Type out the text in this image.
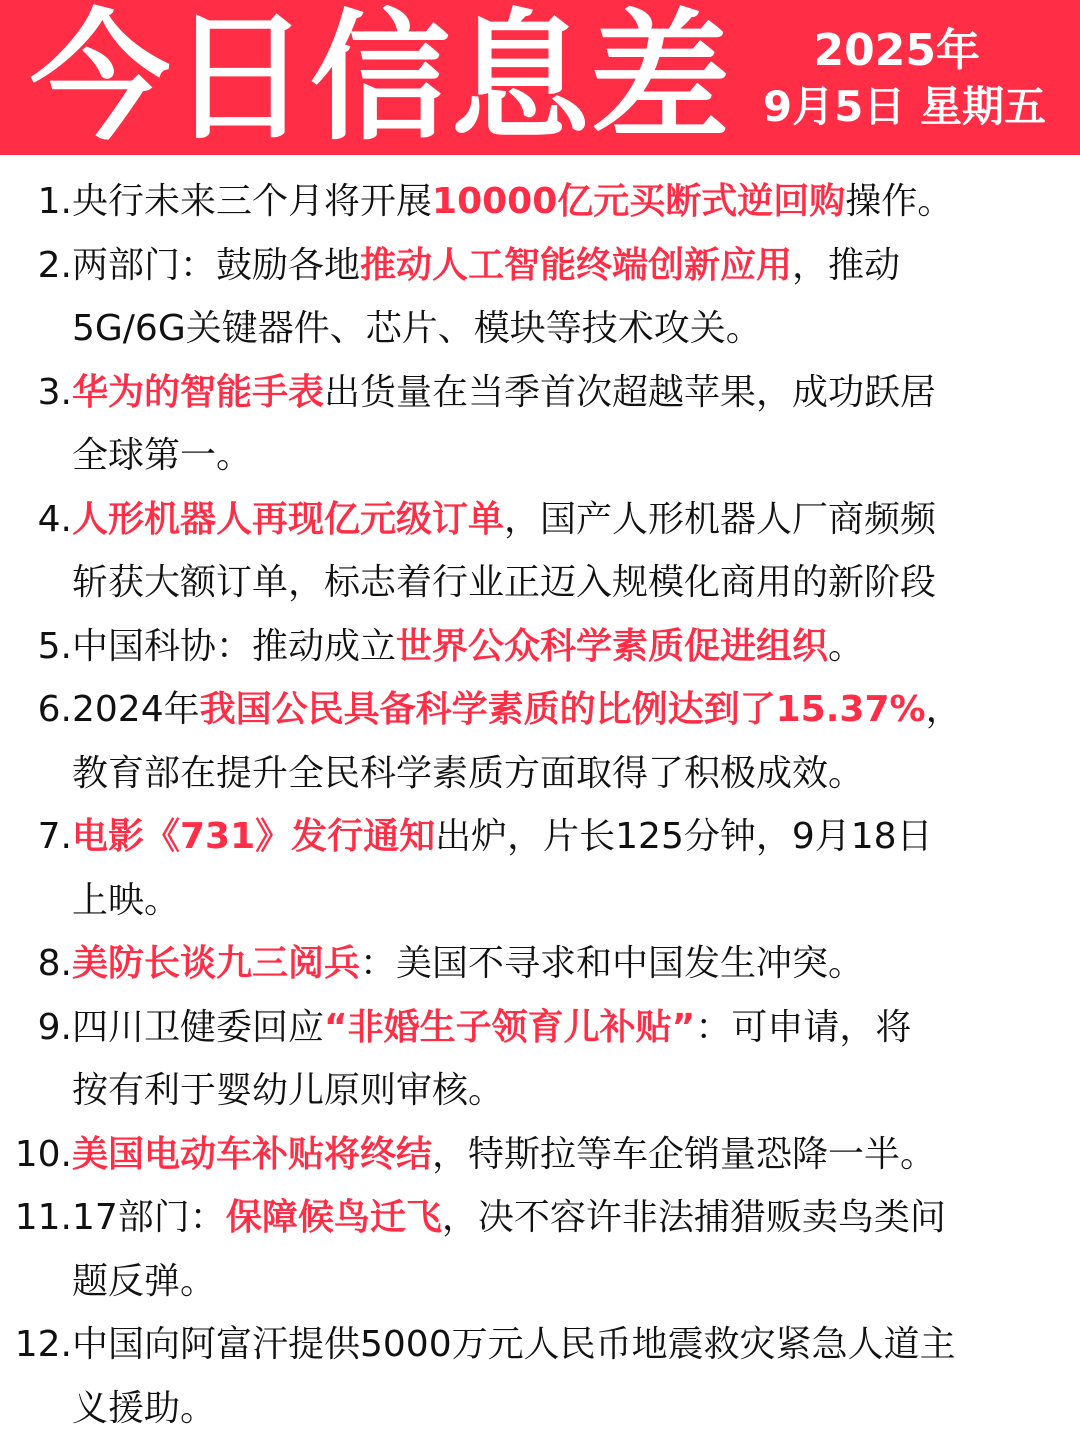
今日信息差	2025年
9月5日 星期五
1. 央行未来三个月将开展10000亿元买断式逆回购操作。
2. 两部门：鼓励各地推动人工智能终端创新应用，推动
5G/6G关键器件、芯片、模块等技术攻关。
3. 华为的智能手表出货量在当季首次超越苹果，成功跃居
全球第一。
4. 人形机器人再现亿元级订单，国产人形机器人厂商频频
斩获大额订单，标志着行业正迈入规模化商用的新阶段
5. 中国科协：推动成立世界公众科学素质促进组织。
6. 2024年我国公民具备科学素质的比例达到了15.37%，
教育部在提升全民科学素质方面取得了积极成效。
7. 电影《731》发行通知出炉，片长125分钟，9月18日
上映。
8. 美防长谈九三阅兵：美国不寻求和中国发生冲突。
9. 四川卫健委回应“非婚生子领育儿补贴”：可申请，将
按有利于婴幼儿原则审核。
10. 美国电动车补贴将终结，特斯拉等车企销量恐降一半。
11. 17部门：保障候鸟迁飞，决不容许非法捕猎贩卖鸟类问
题反弹。
12. 中国向阿富汗提供5000万元人民币地震救灾紧急人道主
义援助。
